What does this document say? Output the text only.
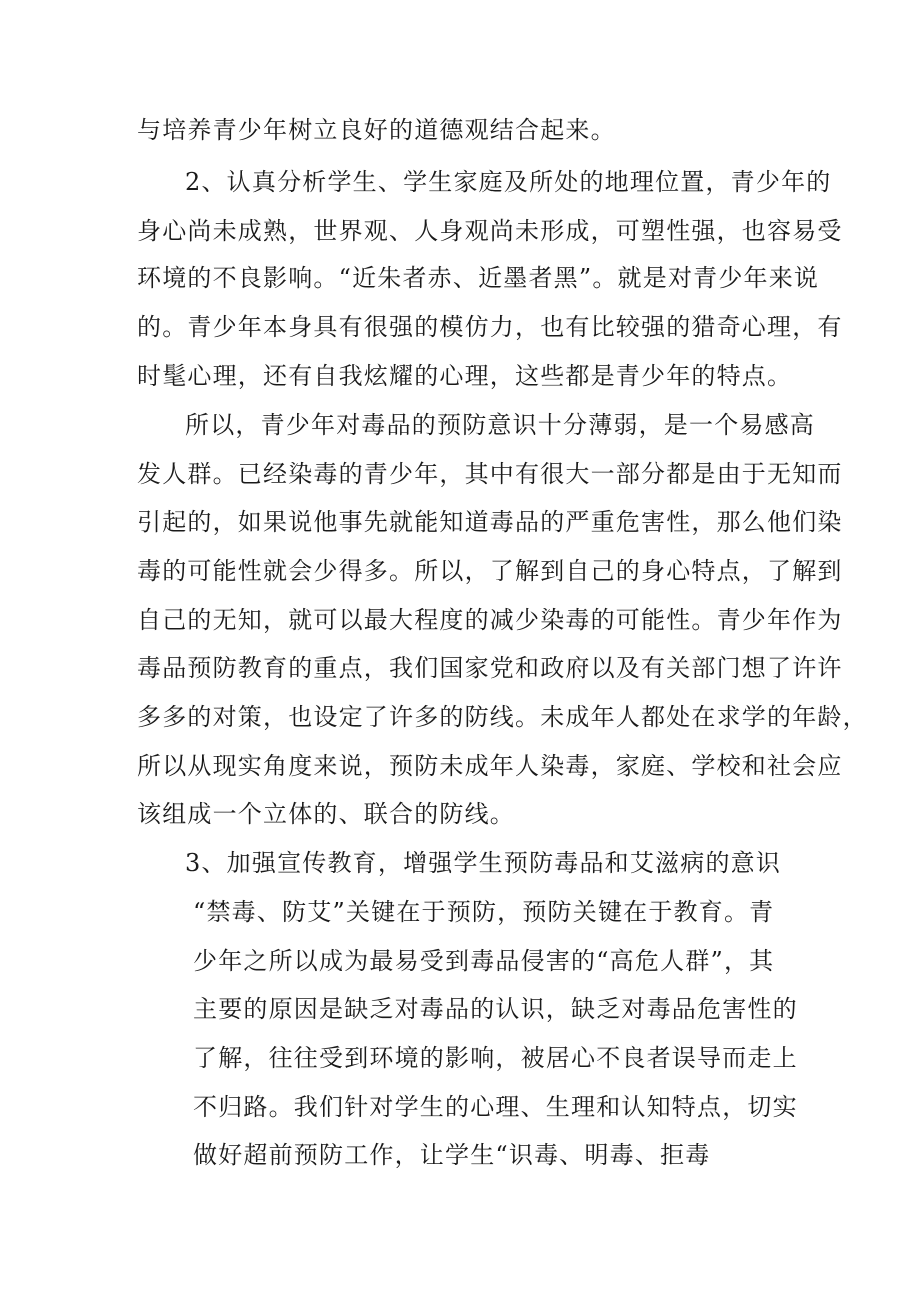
与培养青少年树立良好的道德观结合起来。
2、认真分析学生、学生家庭及所处的地理位置，青少年的
身心尚未成熟，世界观、人身观尚未形成，可塑性强，也容易受
环境的不良影响。“近朱者赤、近墨者黑”。就是对青少年来说
的。青少年本身具有很强的模仿力，也有比较强的猎奇心理，有
时髦心理，还有自我炫耀的心理，这些都是青少年的特点。
所以，青少年对毒品的预防意识十分薄弱，是一个易感高
发人群。已经染毒的青少年，其中有很大一部分都是由于无知而
引起的，如果说他事先就能知道毒品的严重危害性，那么他们染
毒的可能性就会少得多。所以，了解到自己的身心特点，了解到
自己的无知，就可以最大程度的减少染毒的可能性。青少年作为
毒品预防教育的重点，我们国家党和政府以及有关部门想了许许
多多的对策，也设定了许多的防线。未成年人都处在求学的年龄，
所以从现实角度来说，预防未成年人染毒，家庭、学校和社会应
该组成一个立体的、联合的防线。
3、加强宣传教育，增强学生预防毒品和艾滋病的意识
“禁毒、防艾”关键在于预防，预防关键在于教育。青
少年之所以成为最易受到毒品侵害的“高危人群”，其
主要的原因是缺乏对毒品的认识，缺乏对毒品危害性的
了解，往往受到环境的影响，被居心不良者误导而走上
不归路。我们针对学生的心理、生理和认知特点，切实
做好超前预防工作，让学生“识毒、明毒、拒毒
